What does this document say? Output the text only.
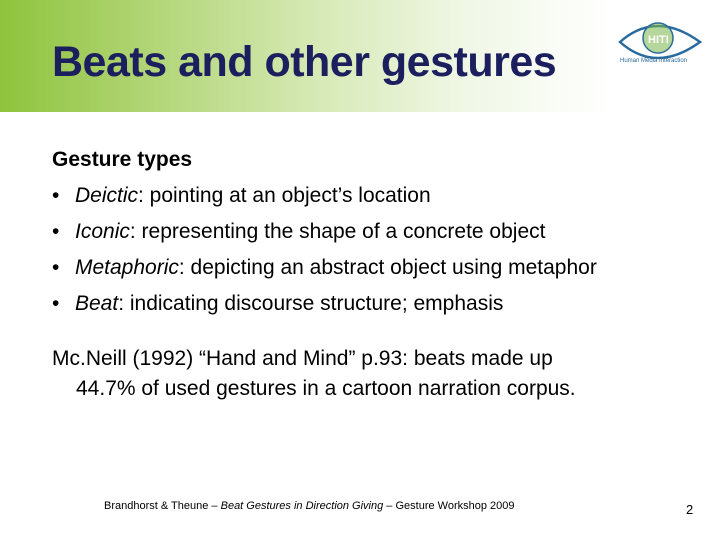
Beats and other gestures	HITI
Human Media Interaction

Gesture types

• Deictic: pointing at an object’s location
• Iconic: representing the shape of a concrete object
• Metaphoric: depicting an abstract object using metaphor
• Beat: indicating discourse structure; emphasis

Mc.Neill (1992) “Hand and Mind” p.93: beats made up
44.7% of used gestures in a cartoon narration corpus.

Brandhorst & Theune – Beat Gestures in Direction Giving – Gesture Workshop 2009	2
